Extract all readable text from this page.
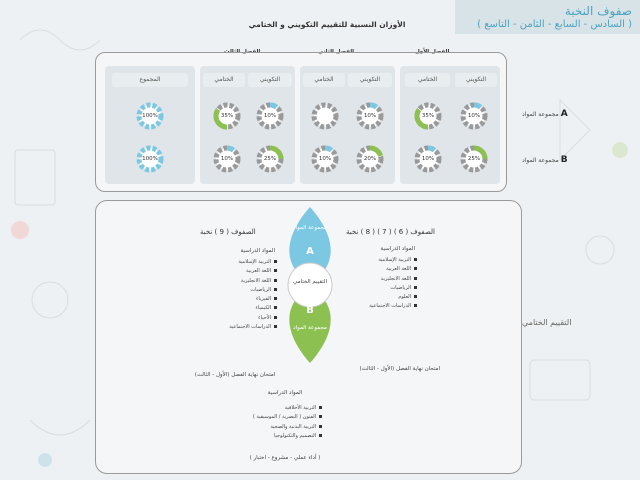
صفوف النخبة
( السادس - السابع - الثامن - التاسع )
الأوزان النسبية للتقييم التكويني و الختامي
الفصل الأول
الفصل الثاني
الفصل الثالث
التكويني
الختامي
التكويني
الختامي
التكويني
الختامي
المجموع
A مجموعة المواد
B مجموعة المواد
10%
35%
10%
10%
35%
100%
25%
10%
20%
10%
25%
10%
100%
مجموعة المواد
A
التقييم الختامي
B
مجموعة المواد
الصفوف ( 6 ) ( 7 ) ( 8 ) نخبة
المواد الدراسية
التربية الإسلامية
اللغة العربية
اللغة الانجليزية
الرياضيات
العلوم
الدراسات الاجتماعية
امتحان نهاية الفصل (الأول - الثالث)
الصفوف ( 9 ) نخبة
المواد الدراسية
التربية الإسلامية
اللغة العربية
اللغة الانجليزية
الرياضيات
الفيزياء
الكيمياء
الأحياء
الدراسات الاجتماعية
امتحان نهاية الفصل (الأول - الثالث)
المواد الدراسية
التربية الأخلاقية
الفنون ( البصرية / الموسيقية )
التربية البدنية والصحية
التصميم والتكنولوجيا
( أداء عملي - مشروع - اختبار )
التقييم الختامي
